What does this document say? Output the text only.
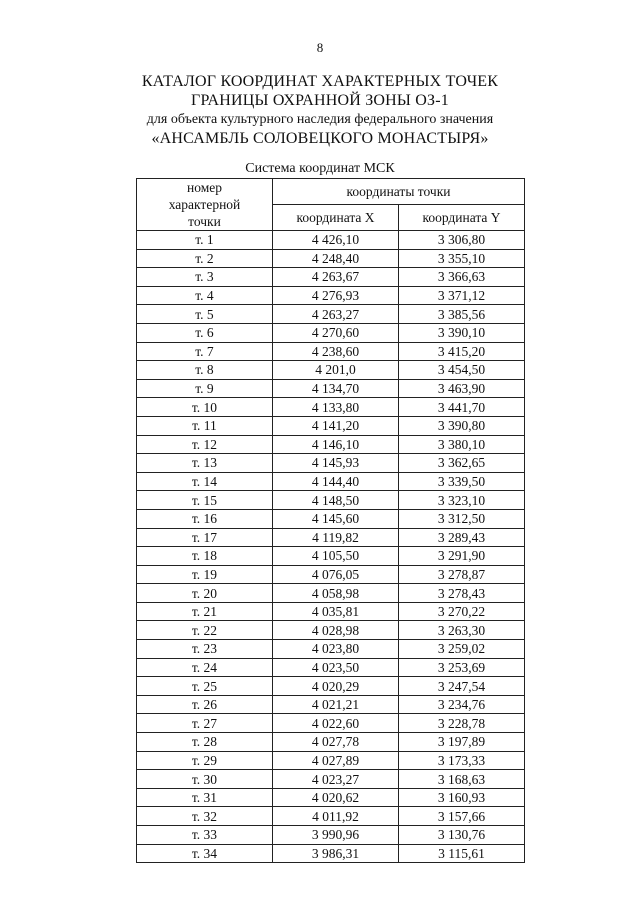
8
КАТАЛОГ КООРДИНАТ ХАРАКТЕРНЫХ ТОЧЕК
ГРАНИЦЫ ОХРАННОЙ ЗОНЫ ОЗ-1
для объекта культурного наследия федерального значения
«АНСАМБЛЬ СОЛОВЕЦКОГО МОНАСТЫРЯ»
Система координат МСК
номер
характерной
точки	координаты точки	
	координата X	координата Y
т. 1	4 426,10	3 306,80
т. 2	4 248,40	3 355,10
т. 3	4 263,67	3 366,63
т. 4	4 276,93	3 371,12
т. 5	4 263,27	3 385,56
т. 6	4 270,60	3 390,10
т. 7	4 238,60	3 415,20
т. 8	4 201,0	3 454,50
т. 9	4 134,70	3 463,90
т. 10	4 133,80	3 441,70
т. 11	4 141,20	3 390,80
т. 12	4 146,10	3 380,10
т. 13	4 145,93	3 362,65
т. 14	4 144,40	3 339,50
т. 15	4 148,50	3 323,10
т. 16	4 145,60	3 312,50
т. 17	4 119,82	3 289,43
т. 18	4 105,50	3 291,90
т. 19	4 076,05	3 278,87
т. 20	4 058,98	3 278,43
т. 21	4 035,81	3 270,22
т. 22	4 028,98	3 263,30
т. 23	4 023,80	3 259,02
т. 24	4 023,50	3 253,69
т. 25	4 020,29	3 247,54
т. 26	4 021,21	3 234,76
т. 27	4 022,60	3 228,78
т. 28	4 027,78	3 197,89
т. 29	4 027,89	3 173,33
т. 30	4 023,27	3 168,63
т. 31	4 020,62	3 160,93
т. 32	4 011,92	3 157,66
т. 33	3 990,96	3 130,76
т. 34	3 986,31	3 115,61
